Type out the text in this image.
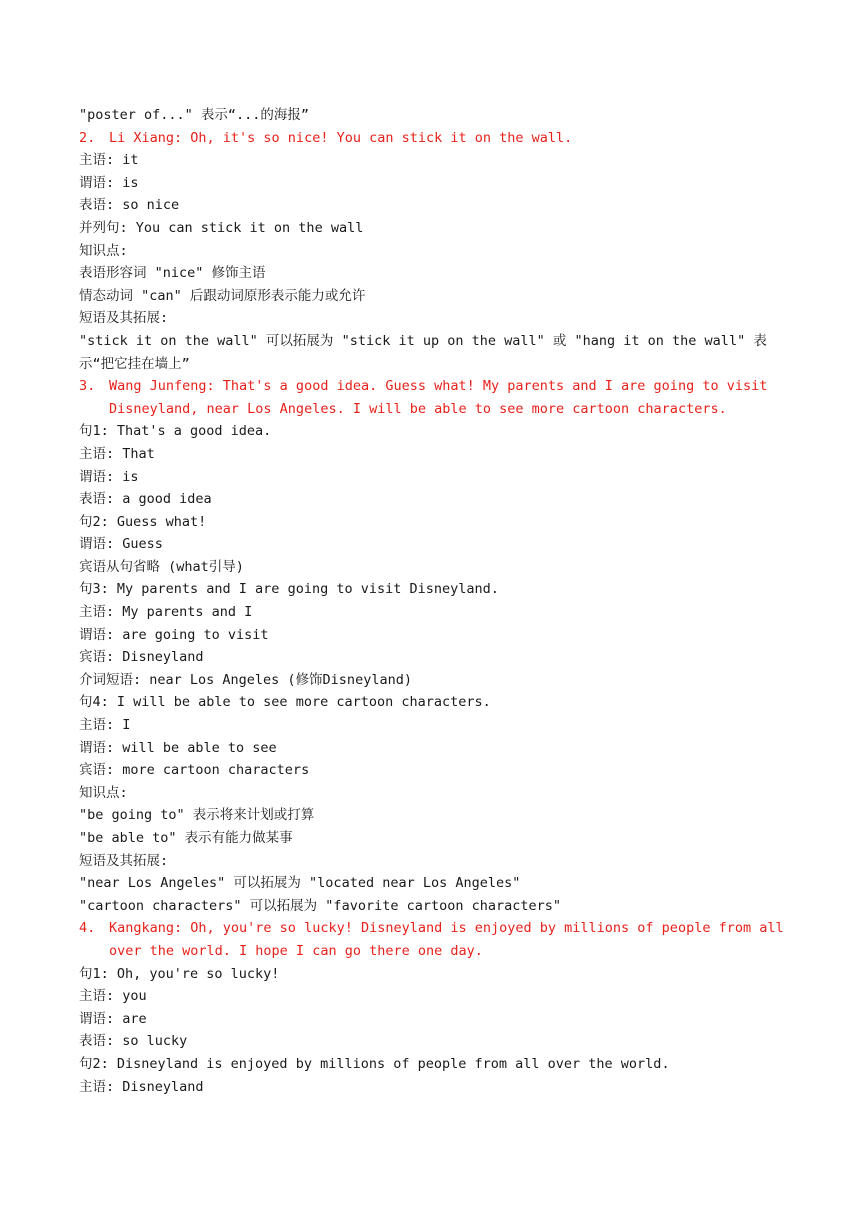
"poster of..." 表示“...的海报”
2.	Li Xiang: Oh, it's so nice! You can stick it on the wall.
主语: it
谓语: is
表语: so nice
并列句: You can stick it on the wall
知识点:
表语形容词 "nice" 修饰主语
情态动词 "can" 后跟动词原形表示能力或允许
短语及其拓展:
"stick it on the wall" 可以拓展为 "stick it up on the wall" 或 "hang it on the wall" 表示“把它挂在墙上”
3.	Wang Junfeng: That's a good idea. Guess what! My parents and I are going to visit Disneyland, near Los Angeles. I will be able to see more cartoon characters.
句1: That's a good idea.
主语: That
谓语: is
表语: a good idea
句2: Guess what!
谓语: Guess
宾语从句省略 (what引导)
句3: My parents and I are going to visit Disneyland.
主语: My parents and I
谓语: are going to visit
宾语: Disneyland
介词短语: near Los Angeles (修饰Disneyland)
句4: I will be able to see more cartoon characters.
主语: I
谓语: will be able to see
宾语: more cartoon characters
知识点:
"be going to" 表示将来计划或打算
"be able to" 表示有能力做某事
短语及其拓展:
"near Los Angeles" 可以拓展为 "located near Los Angeles"
"cartoon characters" 可以拓展为 "favorite cartoon characters"
4.	Kangkang: Oh, you're so lucky! Disneyland is enjoyed by millions of people from all over the world. I hope I can go there one day.
句1: Oh, you're so lucky!
主语: you
谓语: are
表语: so lucky
句2: Disneyland is enjoyed by millions of people from all over the world.
主语: Disneyland
